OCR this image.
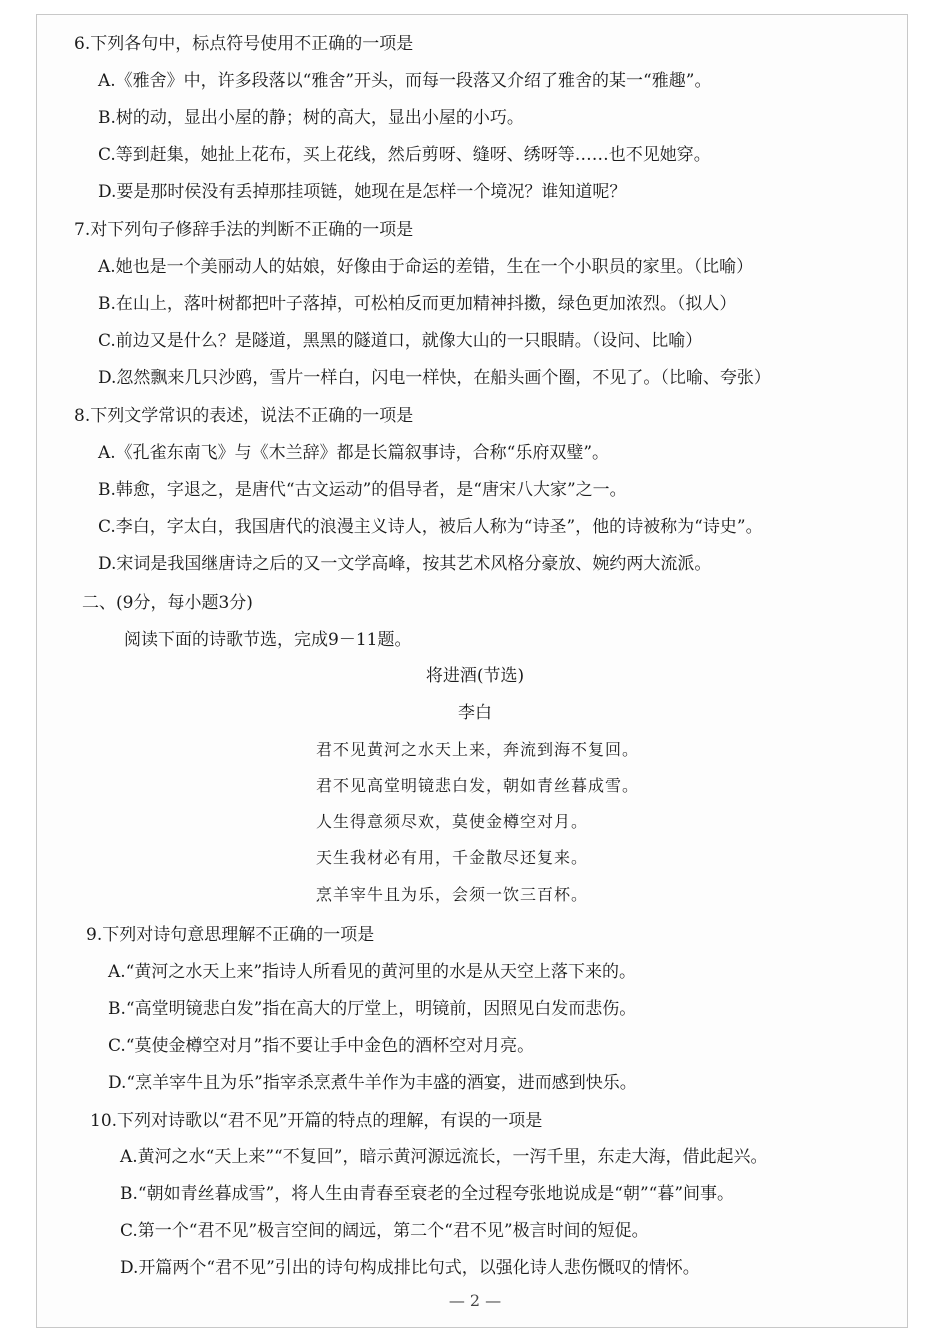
6.下列各句中，标点符号使用不正确的一项是
A.《雅舍》中，许多段落以“雅舍”开头，而每一段落又介绍了雅舍的某一“雅趣”。
B.树的动，显出小屋的静；树的高大，显出小屋的小巧。
C.等到赶集，她扯上花布，买上花线，然后剪呀、缝呀、绣呀等……也不见她穿。
D.要是那时侯没有丢掉那挂项链，她现在是怎样一个境况？谁知道呢？
7.对下列句子修辞手法的判断不正确的一项是
A.她也是一个美丽动人的姑娘，好像由于命运的差错，生在一个小职员的家里。（比喻）
B.在山上，落叶树都把叶子落掉，可松柏反而更加精神抖擞，绿色更加浓烈。（拟人）
C.前边又是什么？是隧道，黑黑的隧道口，就像大山的一只眼睛。（设问、比喻）
D.忽然飘来几只沙鸥，雪片一样白，闪电一样快，在船头画个圈，不见了。（比喻、夸张）
8.下列文学常识的表述，说法不正确的一项是
A.《孔雀东南飞》与《木兰辞》都是长篇叙事诗，合称“乐府双璧”。
B.韩愈，字退之，是唐代“古文运动”的倡导者，是“唐宋八大家”之一。
C.李白，字太白，我国唐代的浪漫主义诗人，被后人称为“诗圣”，他的诗被称为“诗史”。
D.宋词是我国继唐诗之后的又一文学高峰，按其艺术风格分豪放、婉约两大流派。
二、(9分，每小题3分)
阅读下面的诗歌节选，完成9－11题。
将进酒(节选)
李白
君不见黄河之水天上来，奔流到海不复回。
君不见高堂明镜悲白发，朝如青丝暮成雪。
人生得意须尽欢，莫使金樽空对月。
天生我材必有用，千金散尽还复来。
烹羊宰牛且为乐，会须一饮三百杯。
9.下列对诗句意思理解不正确的一项是
A.“黄河之水天上来”指诗人所看见的黄河里的水是从天空上落下来的。
B.“高堂明镜悲白发”指在高大的厅堂上，明镜前，因照见白发而悲伤。
C.“莫使金樽空对月”指不要让手中金色的酒杯空对月亮。
D.“烹羊宰牛且为乐”指宰杀烹煮牛羊作为丰盛的酒宴，进而感到快乐。
10.下列对诗歌以“君不见”开篇的特点的理解，有误的一项是
A.黄河之水“天上来”“不复回”，暗示黄河源远流长，一泻千里，东走大海，借此起兴。
B.“朝如青丝暮成雪”，将人生由青春至衰老的全过程夸张地说成是“朝”“暮”间事。
C.第一个“君不见”极言空间的阔远，第二个“君不见”极言时间的短促。
D.开篇两个“君不见”引出的诗句构成排比句式，以强化诗人悲伤慨叹的情怀。
— 2 —
